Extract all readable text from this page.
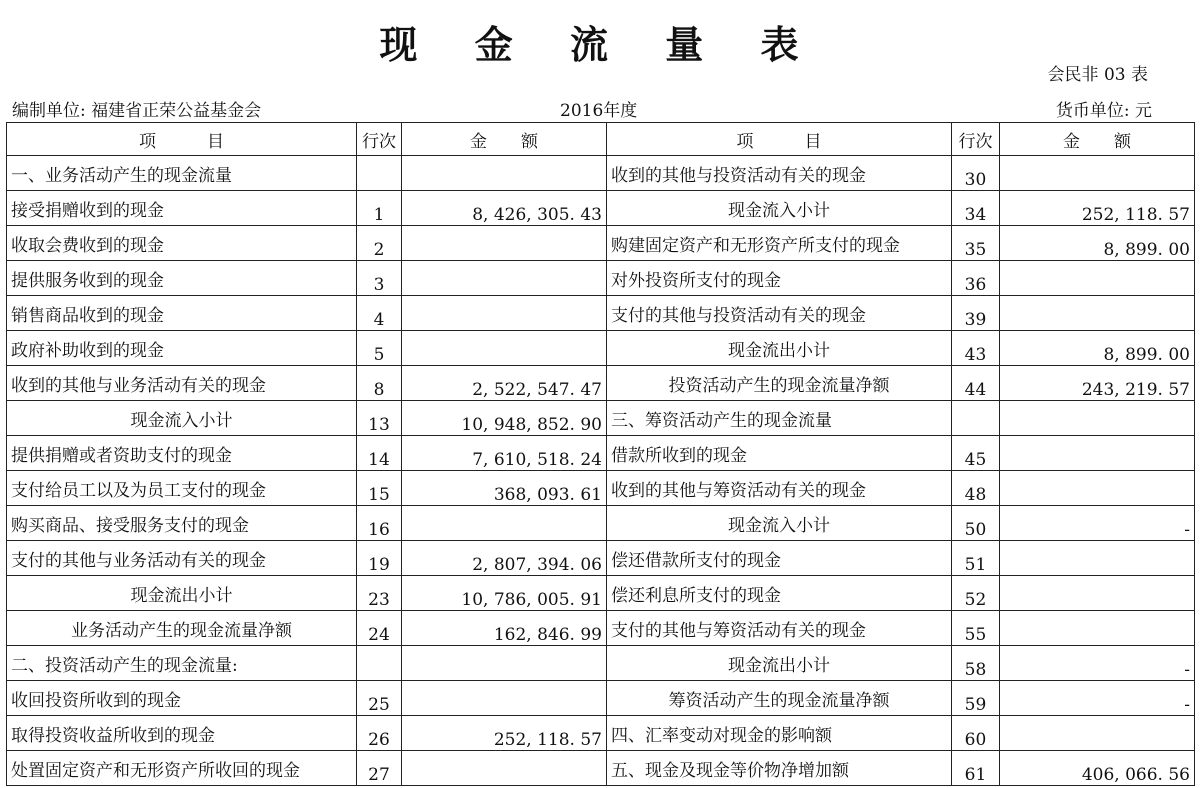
现 金 流 量 表
会民非 03 表
编制单位: 福建省正荣公益基金会	2016年度	货币单位: 元
项　　　目	行次	金　　额	项　　　目	行次	金　　额
一、业务活动产生的现金流量			收到的其他与投资活动有关的现金	30	
接受捐赠收到的现金	1	8, 426, 305. 43	现金流入小计	34	252, 118. 57
收取会费收到的现金	2		购建固定资产和无形资产所支付的现金	35	8, 899. 00
提供服务收到的现金	3		对外投资所支付的现金	36	
销售商品收到的现金	4		支付的其他与投资活动有关的现金	39	
政府补助收到的现金	5		现金流出小计	43	8, 899. 00
收到的其他与业务活动有关的现金	8	2, 522, 547. 47	投资活动产生的现金流量净额	44	243, 219. 57
现金流入小计	13	10, 948, 852. 90	三、筹资活动产生的现金流量		
提供捐赠或者资助支付的现金	14	7, 610, 518. 24	借款所收到的现金	45	
支付给员工以及为员工支付的现金	15	368, 093. 61	收到的其他与筹资活动有关的现金	48	
购买商品、接受服务支付的现金	16		现金流入小计	50	-
支付的其他与业务活动有关的现金	19	2, 807, 394. 06	偿还借款所支付的现金	51	
现金流出小计	23	10, 786, 005. 91	偿还利息所支付的现金	52	
业务活动产生的现金流量净额	24	162, 846. 99	支付的其他与筹资活动有关的现金	55	
二、投资活动产生的现金流量:			现金流出小计	58	-
收回投资所收到的现金	25		筹资活动产生的现金流量净额	59	-
取得投资收益所收到的现金	26	252, 118. 57	四、汇率变动对现金的影响额	60	
处置固定资产和无形资产所收回的现金	27		五、现金及现金等价物净增加额	61	406, 066. 56
